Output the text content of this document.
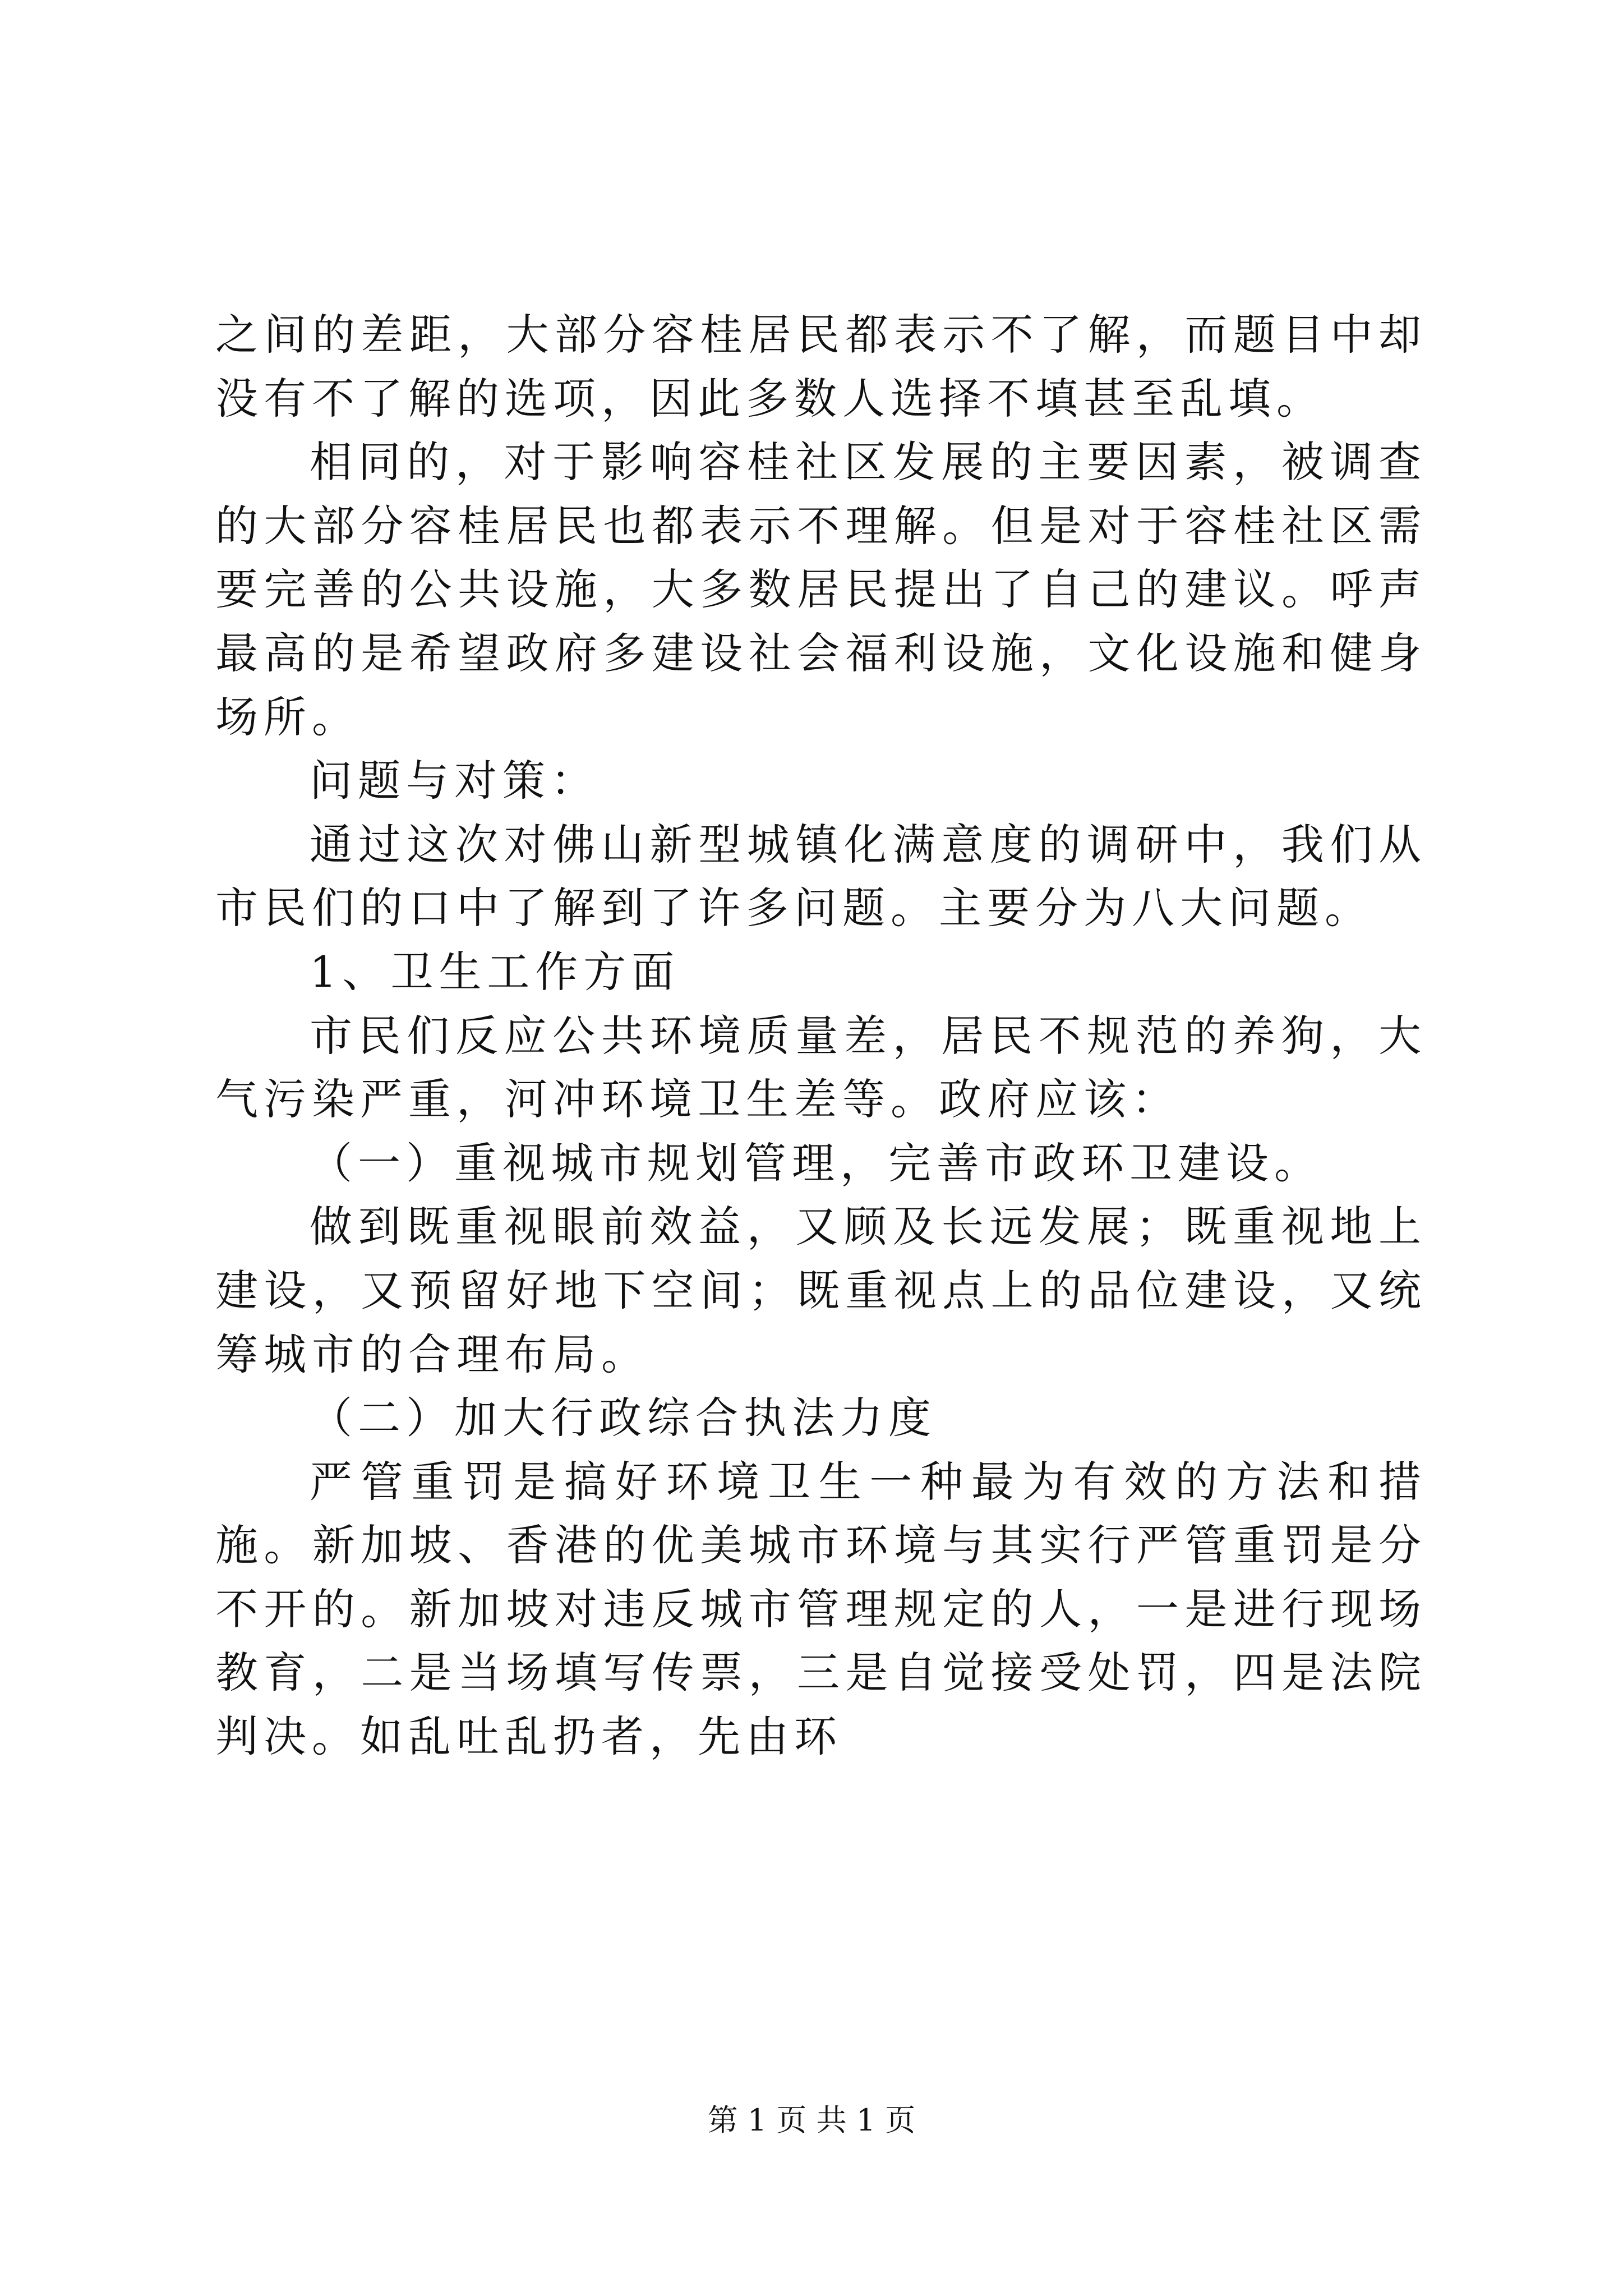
之间的差距，大部分容桂居民都表示不了解，而题目中却没有不了解的选项，因此多数人选择不填甚至乱填。

相同的，对于影响容桂社区发展的主要因素，被调查的大部分容桂居民也都表示不理解。但是对于容桂社区需要完善的公共设施，大多数居民提出了自己的建议。呼声最高的是希望政府多建设社会福利设施，文化设施和健身场所。

问题与对策：

通过这次对佛山新型城镇化满意度的调研中，我们从市民们的口中了解到了许多问题。主要分为八大问题。

1、卫生工作方面

市民们反应公共环境质量差，居民不规范的养狗，大气污染严重，河冲环境卫生差等。政府应该：

（一）重视城市规划管理，完善市政环卫建设。

做到既重视眼前效益，又顾及长远发展；既重视地上建设，又预留好地下空间；既重视点上的品位建设，又统筹城市的合理布局。

（二）加大行政综合执法力度

严管重罚是搞好环境卫生一种最为有效的方法和措施。新加坡、香港的优美城市环境与其实行严管重罚是分不开的。新加坡对违反城市管理规定的人，一是进行现场教育，二是当场填写传票，三是自觉接受处罚，四是法院判决。如乱吐乱扔者，先由环

第 1 页 共 1 页
